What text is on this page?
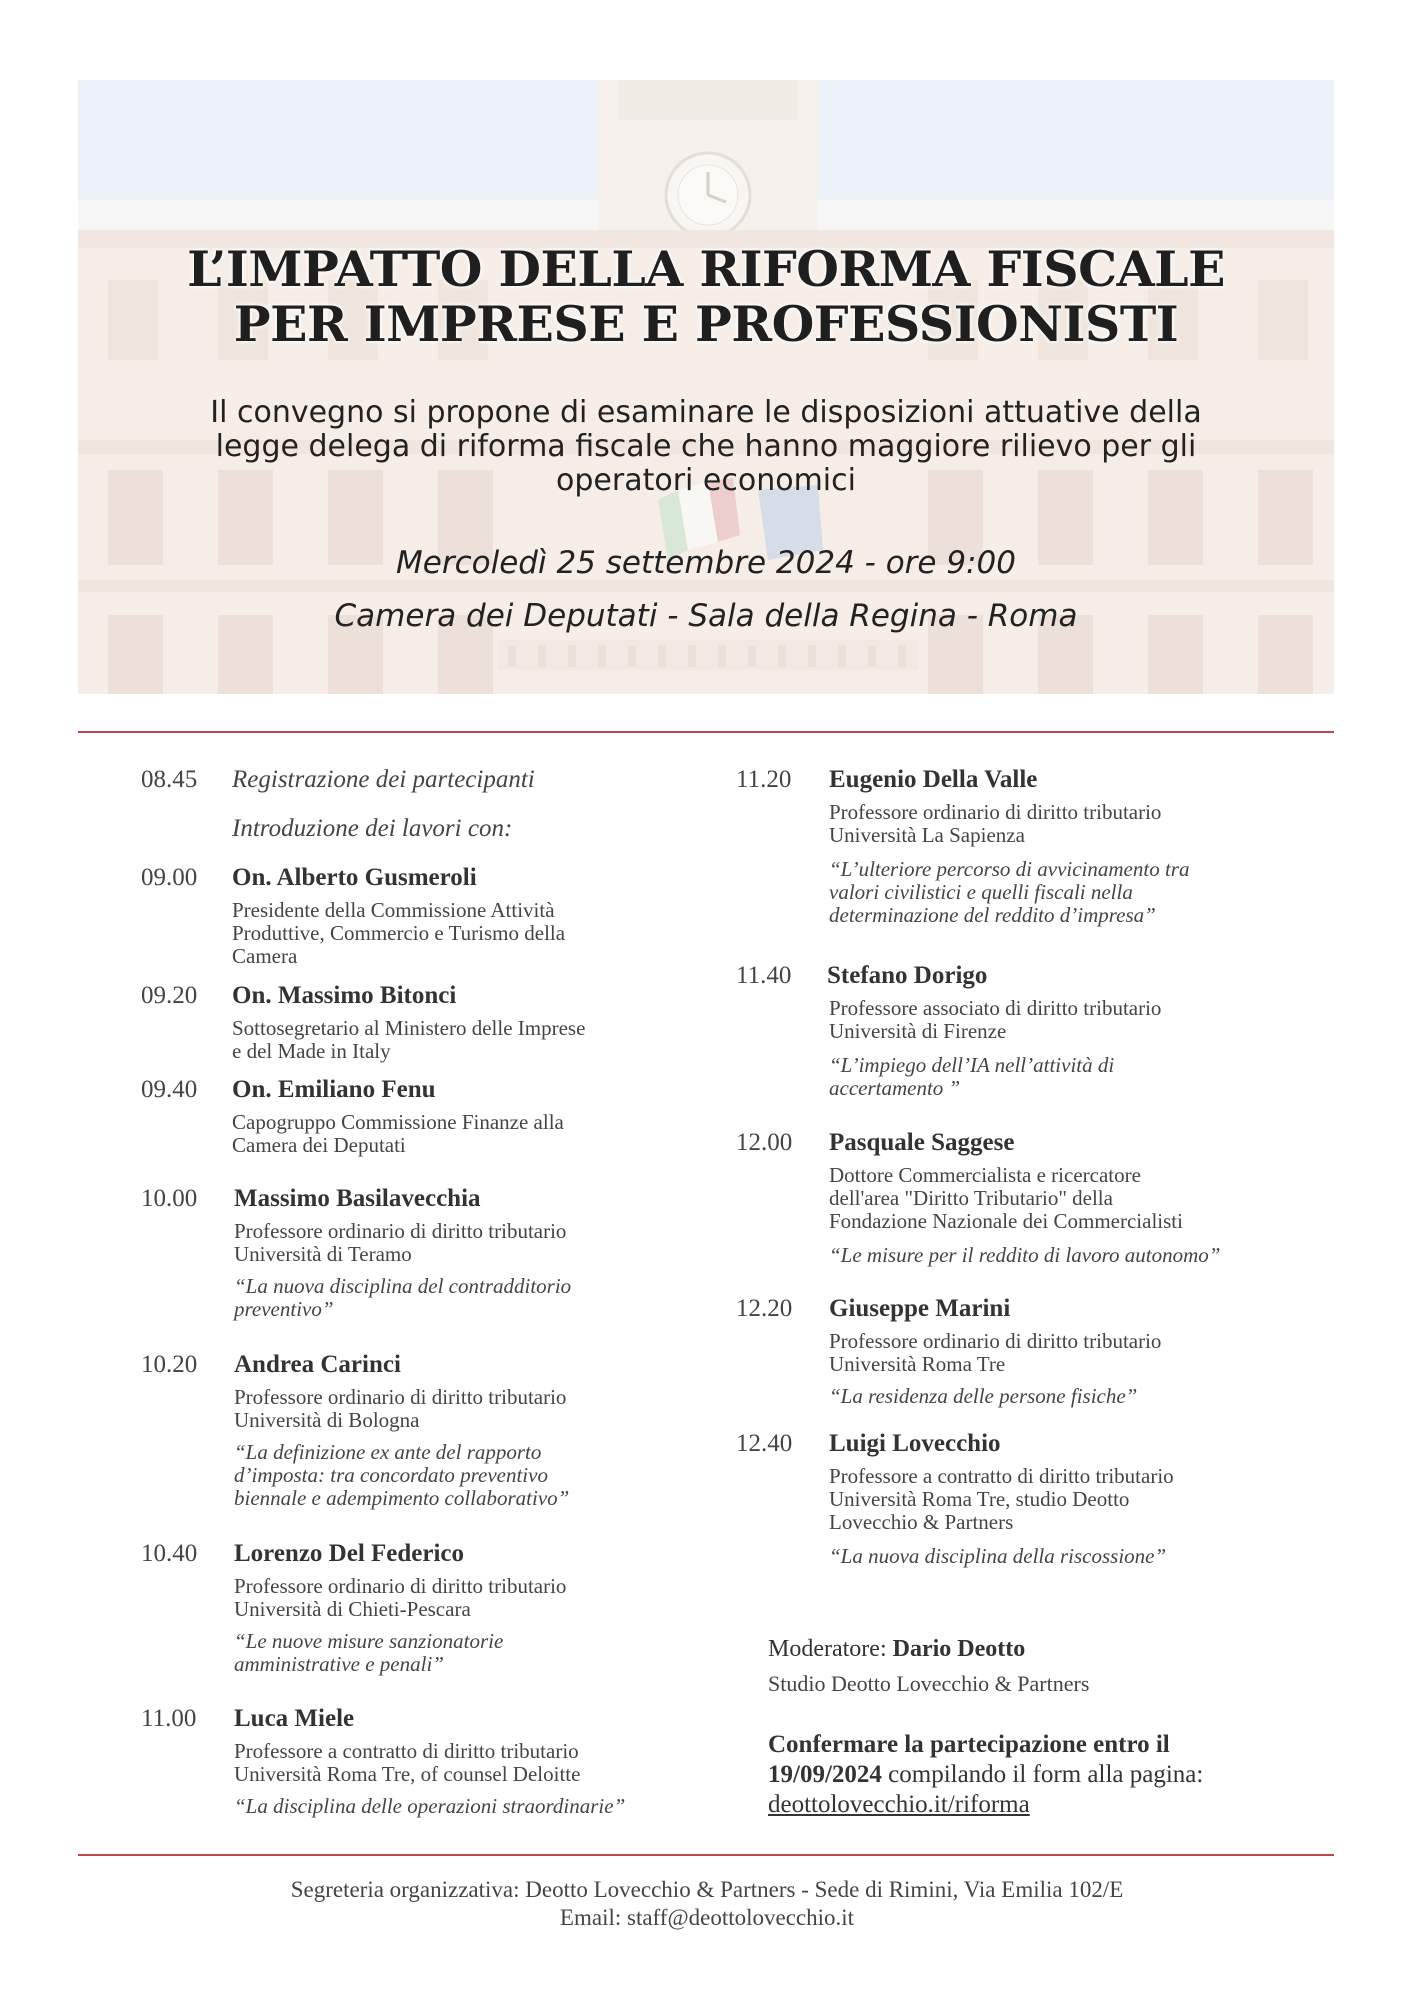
L’IMPATTO DELLA RIFORMA FISCALE
PER IMPRESE E PROFESSIONISTI
Il convegno si propone di esaminare le disposizioni attuative della
legge delega di riforma fiscale che hanno maggiore rilievo per gli
operatori economici
Mercoledì 25 settembre 2024 - ore 9:00
Camera dei Deputati - Sala della Regina - Roma
08.45 Registrazione dei partecipanti
Introduzione dei lavori con:
09.00 On. Alberto Gusmeroli
Presidente della Commissione Attività
Produttive, Commercio e Turismo della
Camera
09.20 On. Massimo Bitonci
Sottosegretario al Ministero delle Imprese
e del Made in Italy
09.40 On. Emiliano Fenu
Capogruppo Commissione Finanze alla
Camera dei Deputati
10.00 Massimo Basilavecchia
Professore ordinario di diritto tributario
Università di Teramo
“La nuova disciplina del contradditorio
preventivo”
10.20 Andrea Carinci
Professore ordinario di diritto tributario
Università di Bologna
“La definizione ex ante del rapporto
d’imposta: tra concordato preventivo
biennale e adempimento collaborativo”
10.40 Lorenzo Del Federico
Professore ordinario di diritto tributario
Università di Chieti-Pescara
“Le nuove misure sanzionatorie
amministrative e penali”
11.00 Luca Miele
Professore a contratto di diritto tributario
Università Roma Tre, of counsel Deloitte
“La disciplina delle operazioni straordinarie”
11.20 Eugenio Della Valle
Professore ordinario di diritto tributario
Università La Sapienza
“L’ulteriore percorso di avvicinamento tra
valori civilistici e quelli fiscali nella
determinazione del reddito d’impresa”
11.40 Stefano Dorigo
Professore associato di diritto tributario
Università di Firenze
“L’impiego dell’IA nell’attività di
accertamento ”
12.00 Pasquale Saggese
Dottore Commercialista e ricercatore
dell'area "Diritto Tributario" della
Fondazione Nazionale dei Commercialisti
“Le misure per il reddito di lavoro autonomo”
12.20 Giuseppe Marini
Professore ordinario di diritto tributario
Università Roma Tre
“La residenza delle persone fisiche”
12.40 Luigi Lovecchio
Professore a contratto di diritto tributario
Università Roma Tre, studio Deotto
Lovecchio & Partners
“La nuova disciplina della riscossione”
Moderatore: Dario Deotto
Studio Deotto Lovecchio & Partners
Confermare la partecipazione entro il
19/09/2024 compilando il form alla pagina:
deottolovecchio.it/riforma
Segreteria organizzativa: Deotto Lovecchio & Partners - Sede di Rimini, Via Emilia 102/E
Email: staff@deottolovecchio.it
